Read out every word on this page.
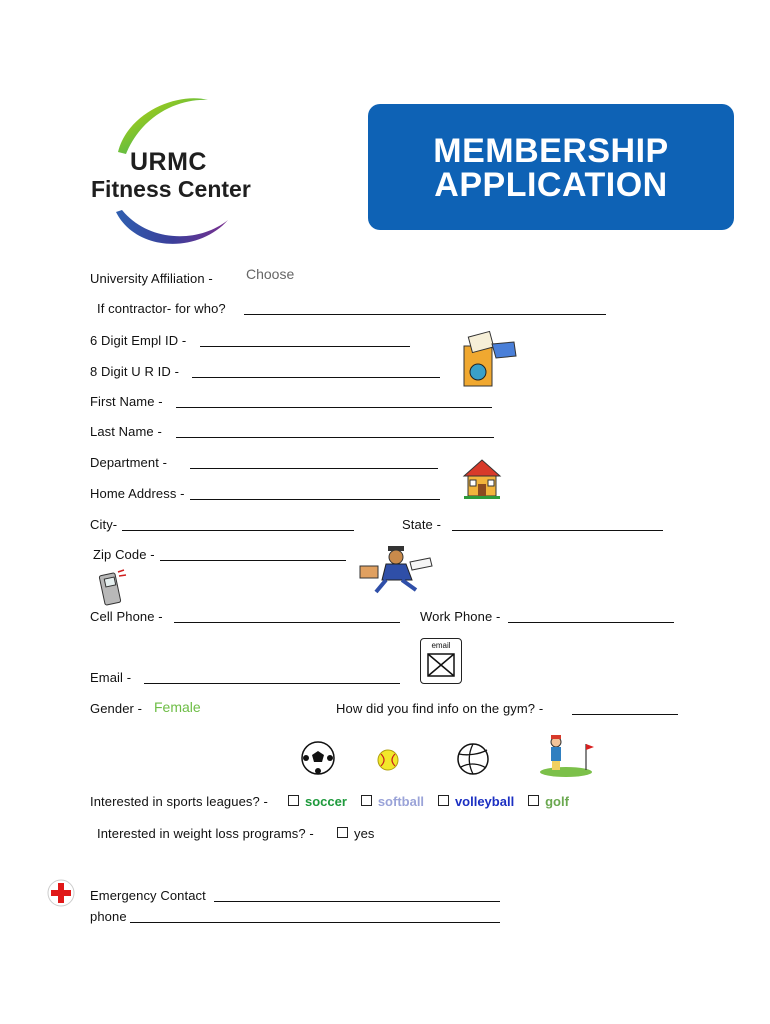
URMC
Fitness Center
MEMBERSHIP
APPLICATION
University Affiliation - Choose
If contractor- for who?
6 Digit Empl ID -
8 Digit U R ID -
First Name -
Last Name -
Department -
Home Address -
City-	State -
Zip Code -
Cell Phone -	Work Phone -
email
Email -
Gender - Female	How did you find info on the gym? -
Interested in sports leagues? -	soccer softball volleyball golf
Interested in weight loss programs? -	yes
Emergency Contact
phone
